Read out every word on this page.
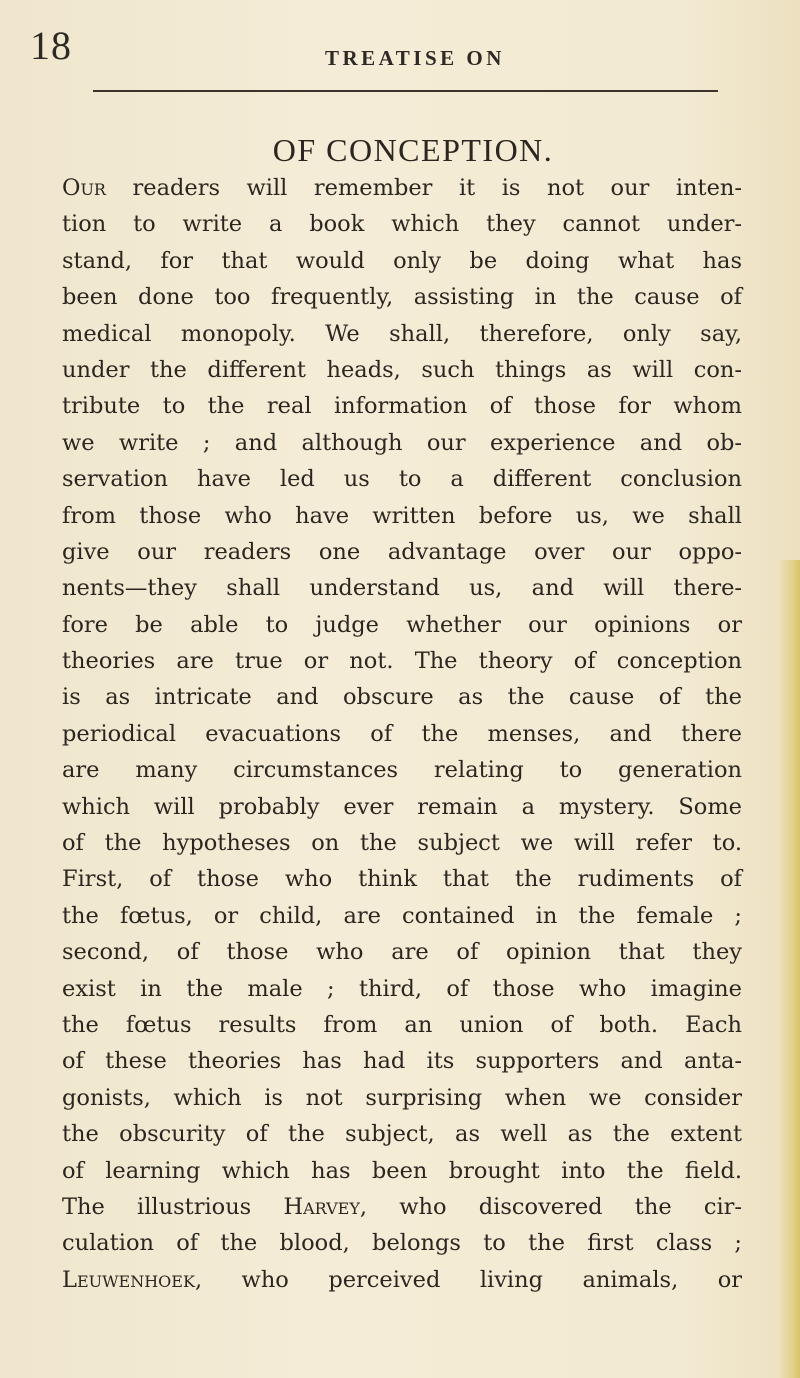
18	TREATISE ON
OF CONCEPTION.
Our readers will remember it is not our inten-
tion to write a book which they cannot under-
stand, for that would only be doing what has
been done too frequently, assisting in the cause of
medical monopoly. We shall, therefore, only say,
under the different heads, such things as will con-
tribute to the real information of those for whom
we write ; and although our experience and ob-
servation have led us to a different conclusion
from those who have written before us, we shall
give our readers one advantage over our oppo-
nents—they shall understand us, and will there-
fore be able to judge whether our opinions or
theories are true or not. The theory of conception
is as intricate and obscure as the cause of the
periodical evacuations of the menses, and there
are many circumstances relating to generation
which will probably ever remain a mystery. Some
of the hypotheses on the subject we will refer to.
First, of those who think that the rudiments of
the fœtus, or child, are contained in the female ;
second, of those who are of opinion that they
exist in the male ; third, of those who imagine
the fœtus results from an union of both. Each
of these theories has had its supporters and anta-
gonists, which is not surprising when we consider
the obscurity of the subject, as well as the extent
of learning which has been brought into the field.
The illustrious Harvey, who discovered the cir-
culation of the blood, belongs to the first class ;
Leuwenhoek, who perceived living animals, or
